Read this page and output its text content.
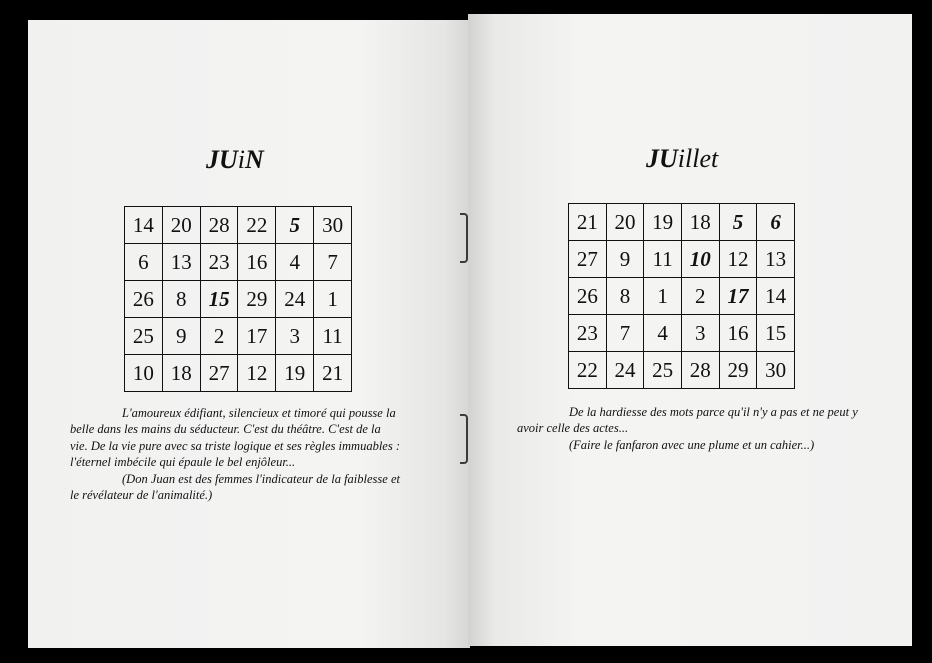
JUiN
14	20	28	22	5	30
6	13	23	16	4	7
26	8	15	29	24	1
25	9	2	17	3	11
10	18	27	12	19	21

L'amoureux édifiant, silencieux et timoré qui pousse la belle dans les mains du séducteur. C'est du théâtre. C'est de la vie. De la vie pure avec sa triste logique et ses règles immuables : l'éternel imbécile qui épaule le bel enjôleur...

(Don Juan est des femmes l'indicateur de la faiblesse et le révélateur de l'animalité.)

JUillet
21	20	19	18	5	6
27	9	11	10	12	13
26	8	1	2	17	14
23	7	4	3	16	15
22	24	25	28	29	30

De la hardiesse des mots parce qu'il n'y a pas et ne peut y avoir celle des actes...

(Faire le fanfaron avec une plume et un cahier...)
